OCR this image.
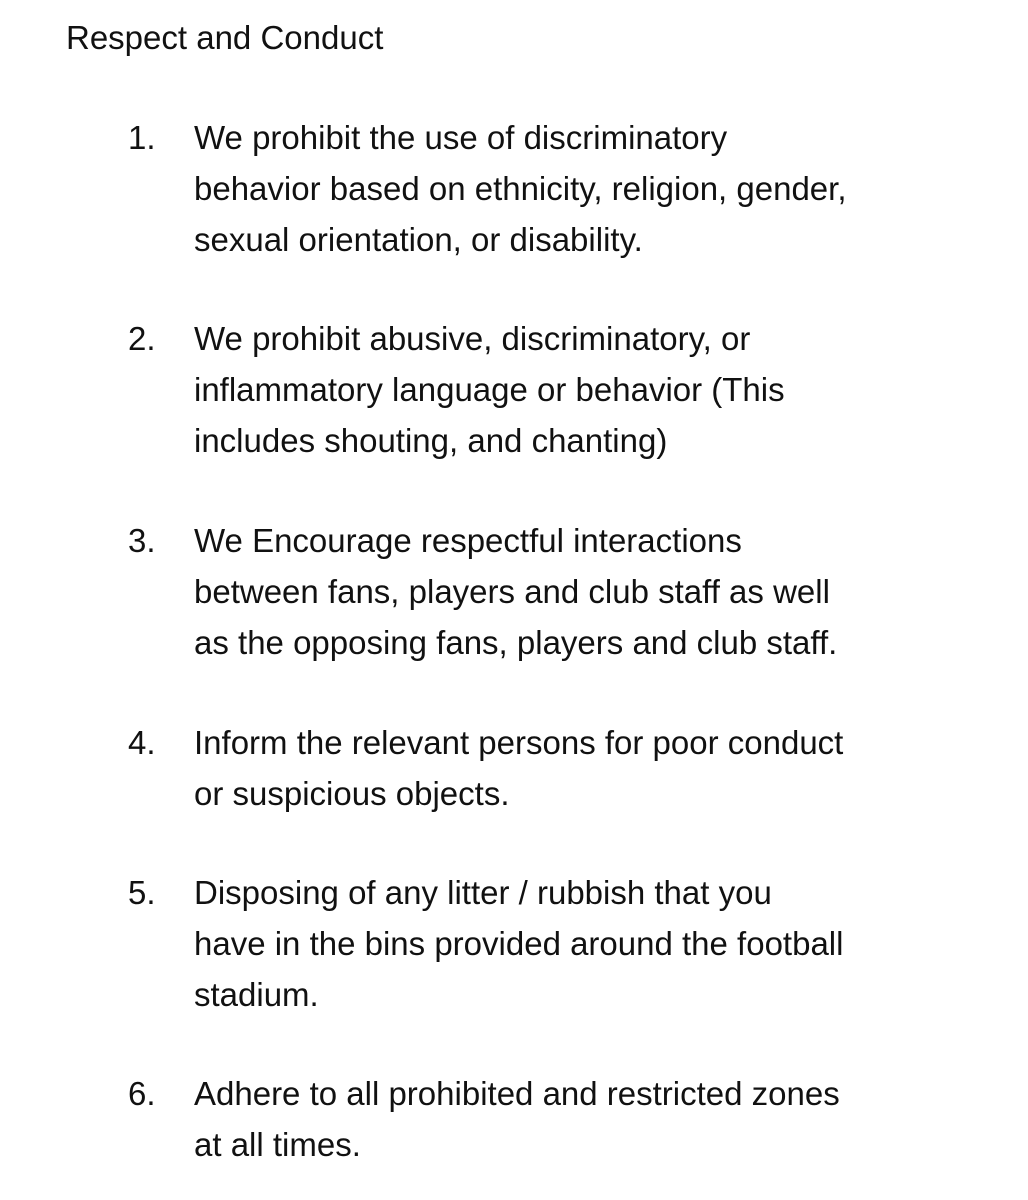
Respect and Conduct
1. We prohibit the use of discriminatory
behavior based on ethnicity, religion, gender,
sexual orientation, or disability.
2. We prohibit abusive, discriminatory, or
inflammatory language or behavior (This
includes shouting, and chanting)
3. We Encourage respectful interactions
between fans, players and club staff as well
as the opposing fans, players and club staff.
4. Inform the relevant persons for poor conduct
or suspicious objects.
5. Disposing of any litter / rubbish that you
have in the bins provided around the football
stadium.
6. Adhere to all prohibited and restricted zones
at all times.
